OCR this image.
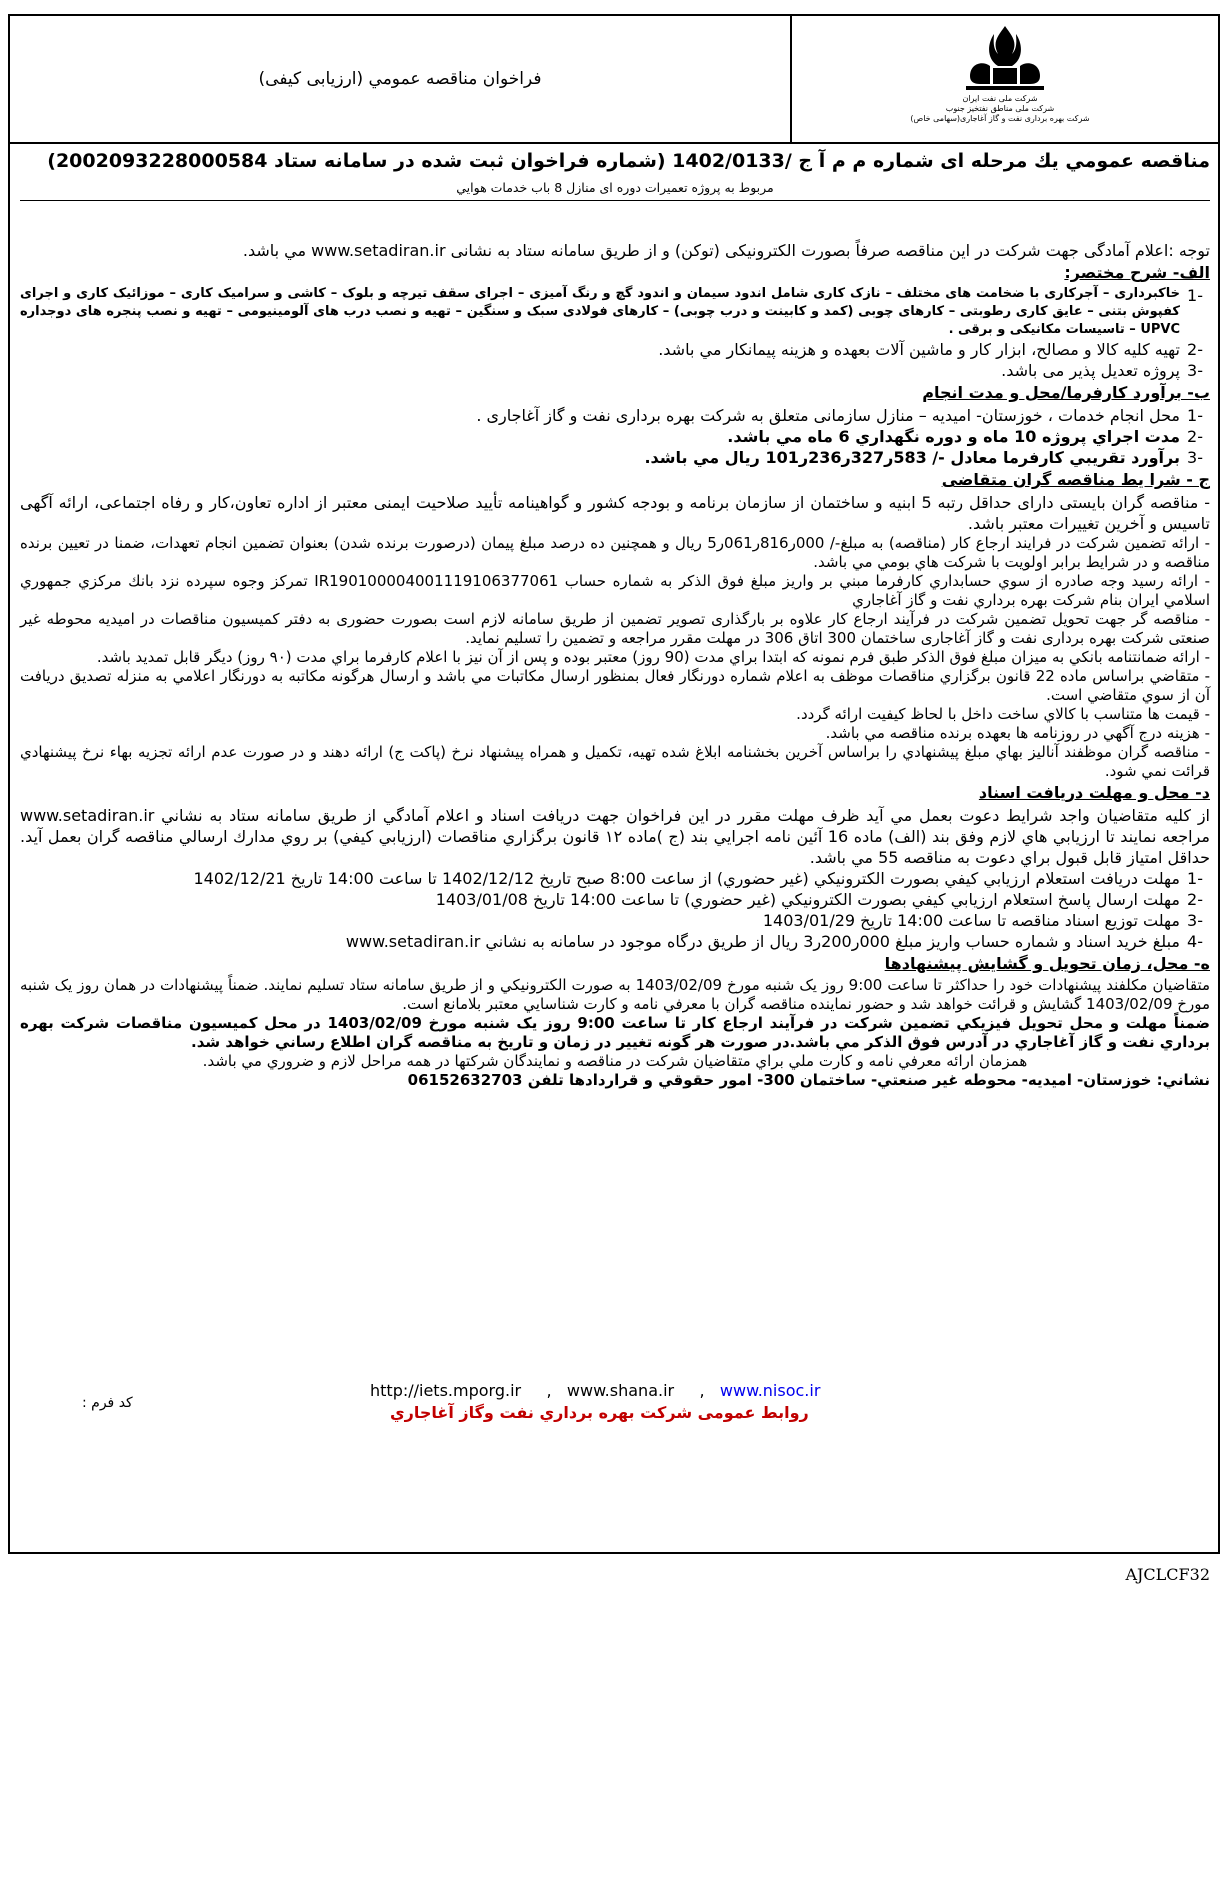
فراخوان مناقصه عمومي (ارزيابی کيفی)
شرکت ملی نفت ایران
شرکت ملی مناطق نفتخیز جنوب
شرکت بهره برداری نفت و گاز آغاجاری(سهامی خاص)
مناقصه عمومي يك مرحله ای شماره م م آ ج /1402/0133 (شماره فراخوان ثبت شده در سامانه ستاد 2002093228000584)
مربوط به پروژه تعميرات دوره ای منازل 8 باب خدمات هوايي

توجه :اعلام آمادگی جهت شرکت در اين مناقصه صرفاً بصورت الکترونيکی (توکن) و از طريق سامانه ستاد به نشانی www.setadiran.ir مي باشد.

الف- شرح مختصر:
-1
خاکبرداری – آجرکاری با ضخامت های مختلف – نازک کاری شامل اندود سيمان و اندود گچ و رنگ آميزی – اجرای سقف تيرچه و بلوک – کاشی و سراميک کاری – موزائيک کاری و اجرای کفپوش بتنی – عايق کاری رطوبتی – کارهای چوبی (کمد و کابينت و درب چوبی) – کارهای فولادی سبک و سنگين – تهيه و نصب درب های آلومينيومی – تهيه و نصب پنجره های دوجداره UPVC – تاسيسات مکانيکی و برقی .
-2
تهيه كليه كالا و مصالح، ابزار كار و ماشين آلات بعهده و هزينه پيمانكار مي باشد.
-3
پروژه تعديل پذير می باشد.
ب- برآورد كارفرما/محل و مدت انجام
-1
محل انجام خدمات ، خوزستان- اميديه – منازل سازمانی متعلق به شرکت بهره برداری نفت و گاز آغاجاری .
-2
مدت اجراي پروژه 10 ماه و دوره نگهداري 6 ماه مي باشد.
-3
برآورد تقريبي كارفرما معادل -/ 583ر327ر236ر101 ريال مي باشد.
ج - شرا يط مناقصه گران متقاضی

- مناقصه گران بايستی دارای حداقل رتبه 5 ابنيه و ساختمان از سازمان برنامه و بودجه کشور و گواهينامه تأييد صلاحيت ايمنی معتبر از اداره تعاون،کار و رفاه اجتماعی، ارائه آگهی تاسيس و آخرين تغييرات معتبر باشد.

- ارائه تضمين شرکت در فرايند ارجاع کار (مناقصه) به مبلغ-/ 000ر816ر061ر5 ريال و همچنين ده درصد مبلغ پيمان (درصورت برنده شدن) بعنوان تضمين انجام تعهدات، ضمنا در تعيين برنده مناقصه و در شرايط برابر اولويت با شركت هاي بومي مي باشد.

- ارائه رسيد وجه صادره از سوي حسابداري كارفرما مبني بر واريز مبلغ فوق الذكر به شماره حساب IR190100004001119106377061 تمركز وجوه سپرده نزد بانك مركزي جمهوري اسلامي ايران بنام شركت بهره برداري نفت و گاز آغاجاري

- مناقصه گر جهت تحويل تضمين شرکت در فرآيند ارجاع کار علاوه بر بارگذاری تصوير تضمين از طريق سامانه لازم است بصورت حضوری به دفتر کميسيون مناقصات در اميديه محوطه غير صنعتی شرکت بهره برداری نفت و گاز آغاجاری ساختمان 300 اتاق 306 در مهلت مقرر مراجعه و تضمين را تسليم نمايد.

- ارائه ضمانتنامه بانكي به ميزان مبلغ فوق الذكر طبق فرم نمونه كه ابتدا براي مدت (90 روز) معتبر بوده و پس از آن نيز با اعلام كارفرما براي مدت (۹۰ روز) ديگر قابل تمديد باشد.

- متقاضي براساس ماده 22 قانون برگزاري مناقصات موظف به اعلام شماره دورنگار فعال بمنظور ارسال مكاتبات مي باشد و ارسال هرگونه مكاتبه به دورنگار اعلامي به منزله تصديق دريافت آن از سوي متقاضي است.

- قيمت ها متناسب با كالاي ساخت داخل با لحاظ كيفيت ارائه گردد.

- هزينه درج آگهي در روزنامه ها بعهده برنده مناقصه مي باشد.

- مناقصه گران موظفند آناليز بهاي مبلغ پيشنهادي را براساس آخرين بخشنامه ابلاغ شده تهيه، تكميل و همراه پيشنهاد نرخ (پاكت ج) ارائه دهند و در صورت عدم ارائه تجزيه بهاء نرخ پيشنهادي قرائت نمي شود.

د- محل و مهلت دريافت اسناد

از كليه متقاضيان واجد شرايط دعوت بعمل مي آيد ظرف مهلت مقرر در اين فراخوان جهت دريافت اسناد و اعلام آمادگي از طريق سامانه ستاد به نشاني www.setadiran.ir مراجعه نمايند تا ارزيابي هاي لازم وفق بند (الف) ماده 16 آئين نامه اجرايي بند (ج )ماده ۱۲ قانون برگزاري مناقصات (ارزيابي كيفي) بر روي مدارك ارسالي مناقصه گران بعمل آيد. حداقل امتياز قابل قبول براي دعوت به مناقصه 55 مي باشد.

-1
مهلت دريافت استعلام ارزيابي كيفي بصورت الكترونيكي (غير حضوري) از ساعت 8:00 صبح تاريخ 1402/12/12 تا ساعت 14:00 تاريخ 1402/12/21
-2
مهلت ارسال پاسخ استعلام ارزيابي كيفي بصورت الكترونيكي (غير حضوري) تا ساعت 14:00 تاريخ 1403/01/08
-3
مهلت توزيع اسناد مناقصه تا ساعت 14:00 تاريخ 1403/01/29
-4
مبلغ خريد اسناد و شماره حساب واريز مبلغ 000ر200ر3 ريال از طريق درگاه موجود در سامانه به نشاني www.setadiran.ir
ه- محل، زمان تحويل و گشايش پيشنهادها

متقاضيان مكلفند پيشنهادات خود را حداكثر تا ساعت 9:00 روز يک شنبه مورخ 1403/02/09 به صورت الكترونيكي و از طريق سامانه ستاد تسليم نمايند. ضمناً پيشنهادات در همان روز يک شنبه مورخ 1403/02/09 گشايش و قرائت خواهد شد و حضور نماينده مناقصه گران با معرفي نامه و كارت شناسايي معتبر بلامانع است.

ضمناً مهلت و محل تحويل فيزيكي تضمين شركت در فرآيند ارجاع كار تا ساعت 9:00 روز يک شنبه مورخ 1403/02/09 در محل كميسيون مناقصات شركت بهره برداري نفت و گاز آغاجاري در آدرس فوق الذكر مي باشد.در صورت هر گونه تغيير در زمان و تاريخ به مناقصه گران اطلاع رساني خواهد شد.

همزمان ارائه معرفي نامه و كارت ملي براي متقاضيان شركت در مناقصه و نمايندگان شركتها در همه مراحل لازم و ضروري مي باشد.

نشاني: خوزستان- اميديه- محوطه غير صنعتي- ساختمان 300- امور حقوقي و قراردادها تلفن 06152632703

http://iets.mporg.ir , www.shana.ir , www.nisoc.ir
روابط عمومی شرکت بهره برداري نفت وگاز آغاجاري
کد فرم :
AJCLCF32
